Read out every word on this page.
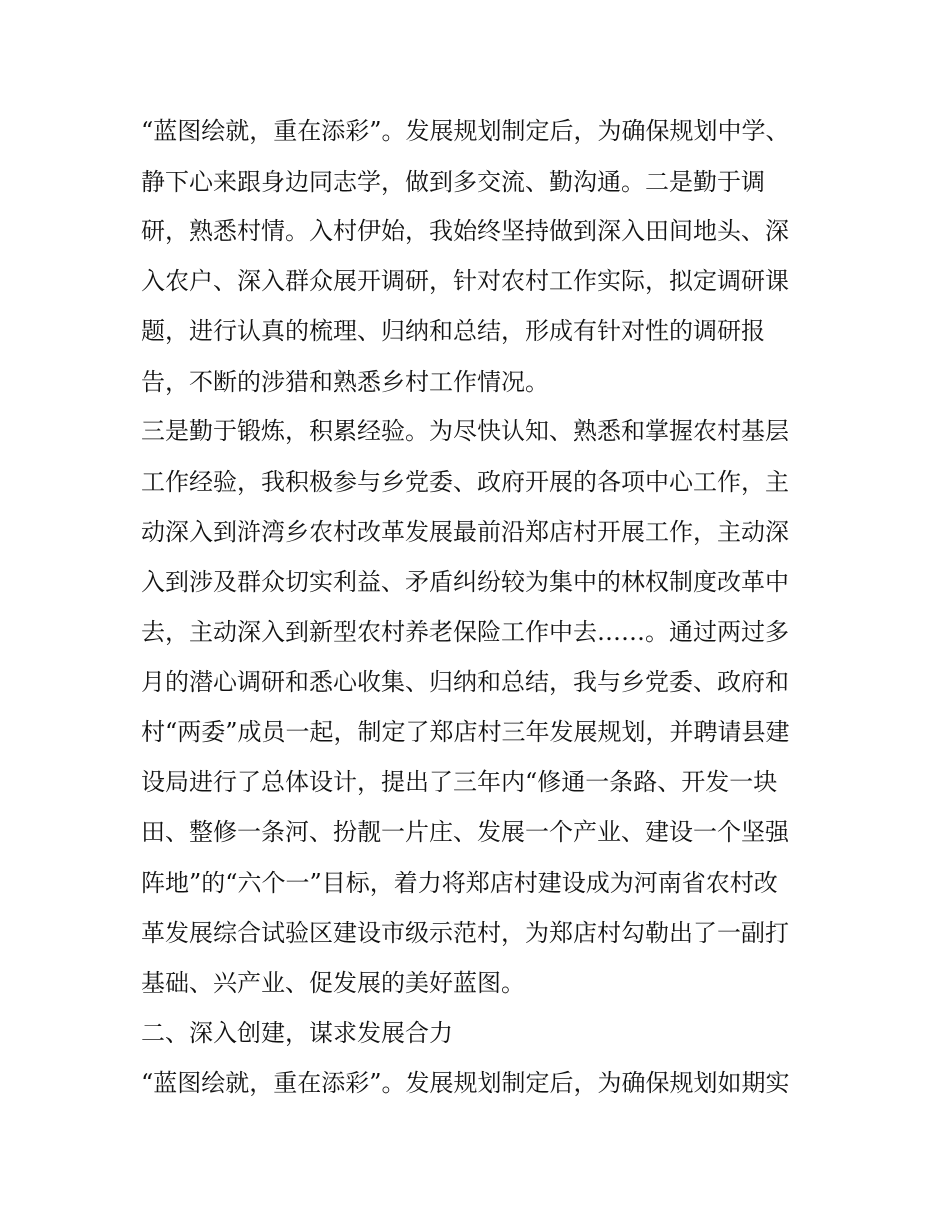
“蓝图绘就，重在添彩”。发展规划制定后，为确保规划中学、

静下心来跟身边同志学，做到多交流、勤沟通。二是勤于调

研，熟悉村情。入村伊始，我始终坚持做到深入田间地头、深

入农户、深入群众展开调研，针对农村工作实际，拟定调研课

题，进行认真的梳理、归纳和总结，形成有针对性的调研报

告，不断的涉猎和熟悉乡村工作情况。

三是勤于锻炼，积累经验。为尽快认知、熟悉和掌握农村基层

工作经验，我积极参与乡党委、政府开展的各项中心工作，主

动深入到浒湾乡农村改革发展最前沿郑店村开展工作，主动深

入到涉及群众切实利益、矛盾纠纷较为集中的林权制度改革中

去，主动深入到新型农村养老保险工作中去……。通过两过多

月的潜心调研和悉心收集、归纳和总结，我与乡党委、政府和

村“两委”成员一起，制定了郑店村三年发展规划，并聘请县建

设局进行了总体设计，提出了三年内“修通一条路、开发一块

田、整修一条河、扮靓一片庄、发展一个产业、建设一个坚强

阵地”的“六个一”目标，着力将郑店村建设成为河南省农村改

革发展综合试验区建设市级示范村，为郑店村勾勒出了一副打

基础、兴产业、促发展的美好蓝图。

二、深入创建，谋求发展合力

“蓝图绘就，重在添彩”。发展规划制定后，为确保规划如期实
